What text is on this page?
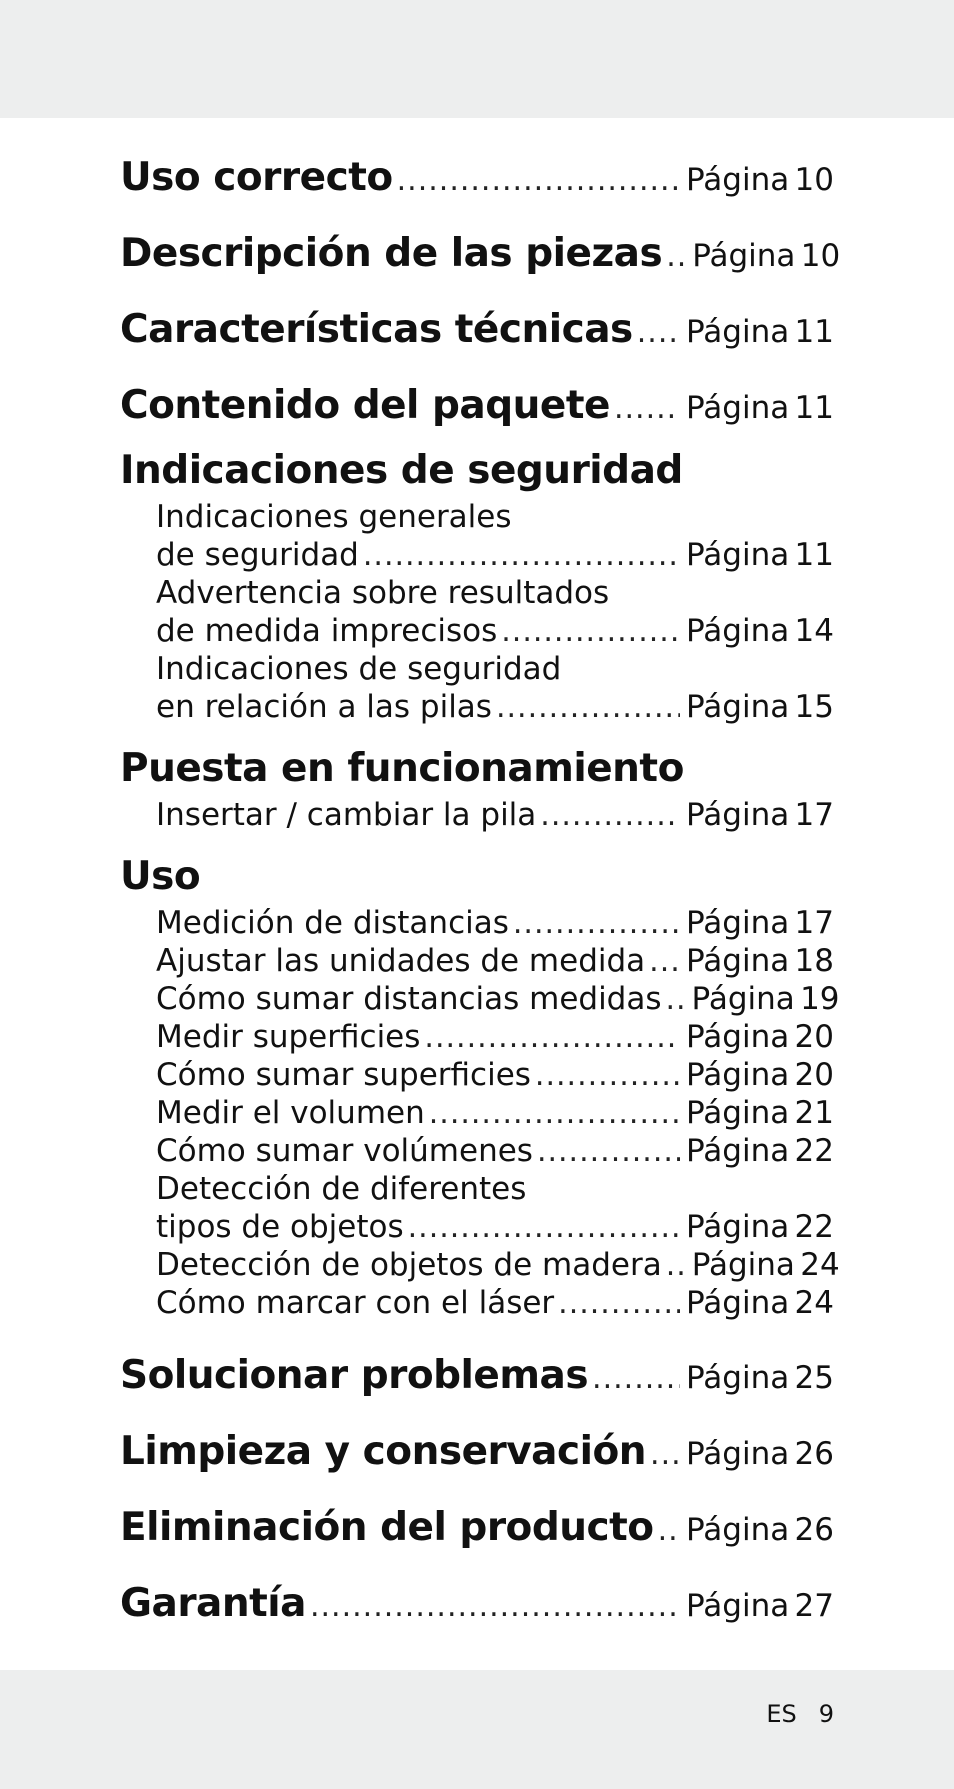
Uso correcto .....	Página 10
Descripción de las piezas ..... Página 10
Características técnicas ..... Página 11
Contenido del paquete ..... Página 11
Indicaciones de seguridad
Indicaciones generales
de seguridad .....	Página 11
Advertencia sobre resultados
de medida imprecisos .....	Página 14
Indicaciones de seguridad
en relación a las pilas .....	Página 15
Puesta en funcionamiento
Insertar / cambiar la pila .....	Página 17
Uso
Medición de distancias .....	Página 17
Ajustar las unidades de medida ..... Página 18
Cómo sumar distancias medidas ..... Página 19
Medir superficies .....	Página 20
Cómo sumar superficies .....	Página 20
Medir el volumen .....	Página 21
Cómo sumar volúmenes .....	Página 22
Detección de diferentes
tipos de objetos .....	Página 22
Detección de objetos de madera ..... Página 24
Cómo marcar con el láser .....	Página 24
Solucionar problemas .....	Página 25
Limpieza y conservación ..... Página 26
Eliminación del producto ..... Página 26
Garantía .....	Página 27
ES 9
